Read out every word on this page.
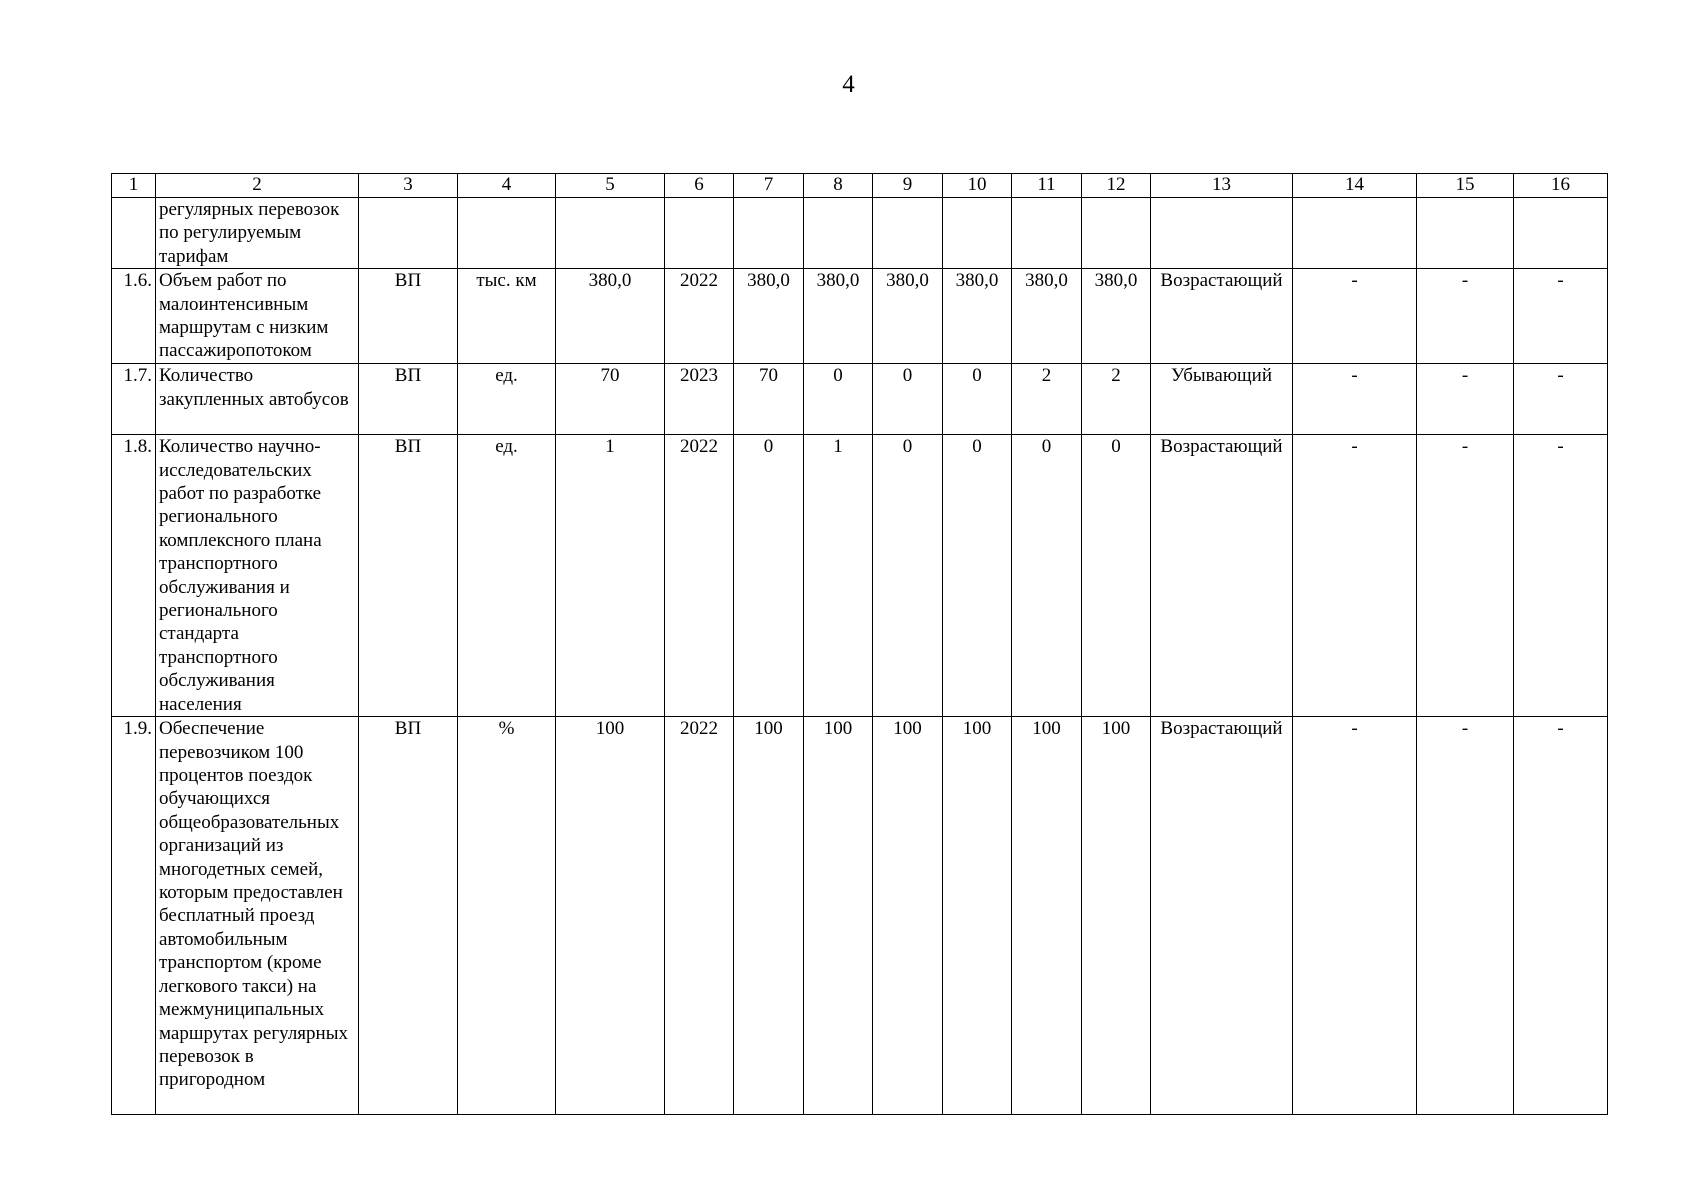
4
1	2	3	4	5	6	7	8	9	10	11	12	13	14	15	16
	регулярных перевозок по регулируемым тарифам														
1.6.	Объем работ по малоинтенсивным маршрутам с низким пассажиропотоком	ВП	тыс. км	380,0	2022	380,0	380,0	380,0	380,0	380,0	380,0	Возрастающий	-	-	-
1.7.	Количество закупленных автобусов	ВП	ед.	70	2023	70	0	0	0	2	2	Убывающий	-	-	-
1.8.	Количество научно-исследовательских работ по разработке регионального комплексного плана транспортного обслуживания и регионального стандарта транспортного обслуживания населения	ВП	ед.	1	2022	0	1	0	0	0	0	Возрастающий	-	-	-
1.9.	Обеспечение перевозчиком 100 процентов поездок обучающихся общеобразовательных организаций из многодетных семей, которым предоставлен бесплатный проезд автомобильным транспортом (кроме легкового такси) на межмуниципальных маршрутах регулярных перевозок в пригородном	ВП	%	100	2022	100	100	100	100	100	100	Возрастающий	-	-	-
